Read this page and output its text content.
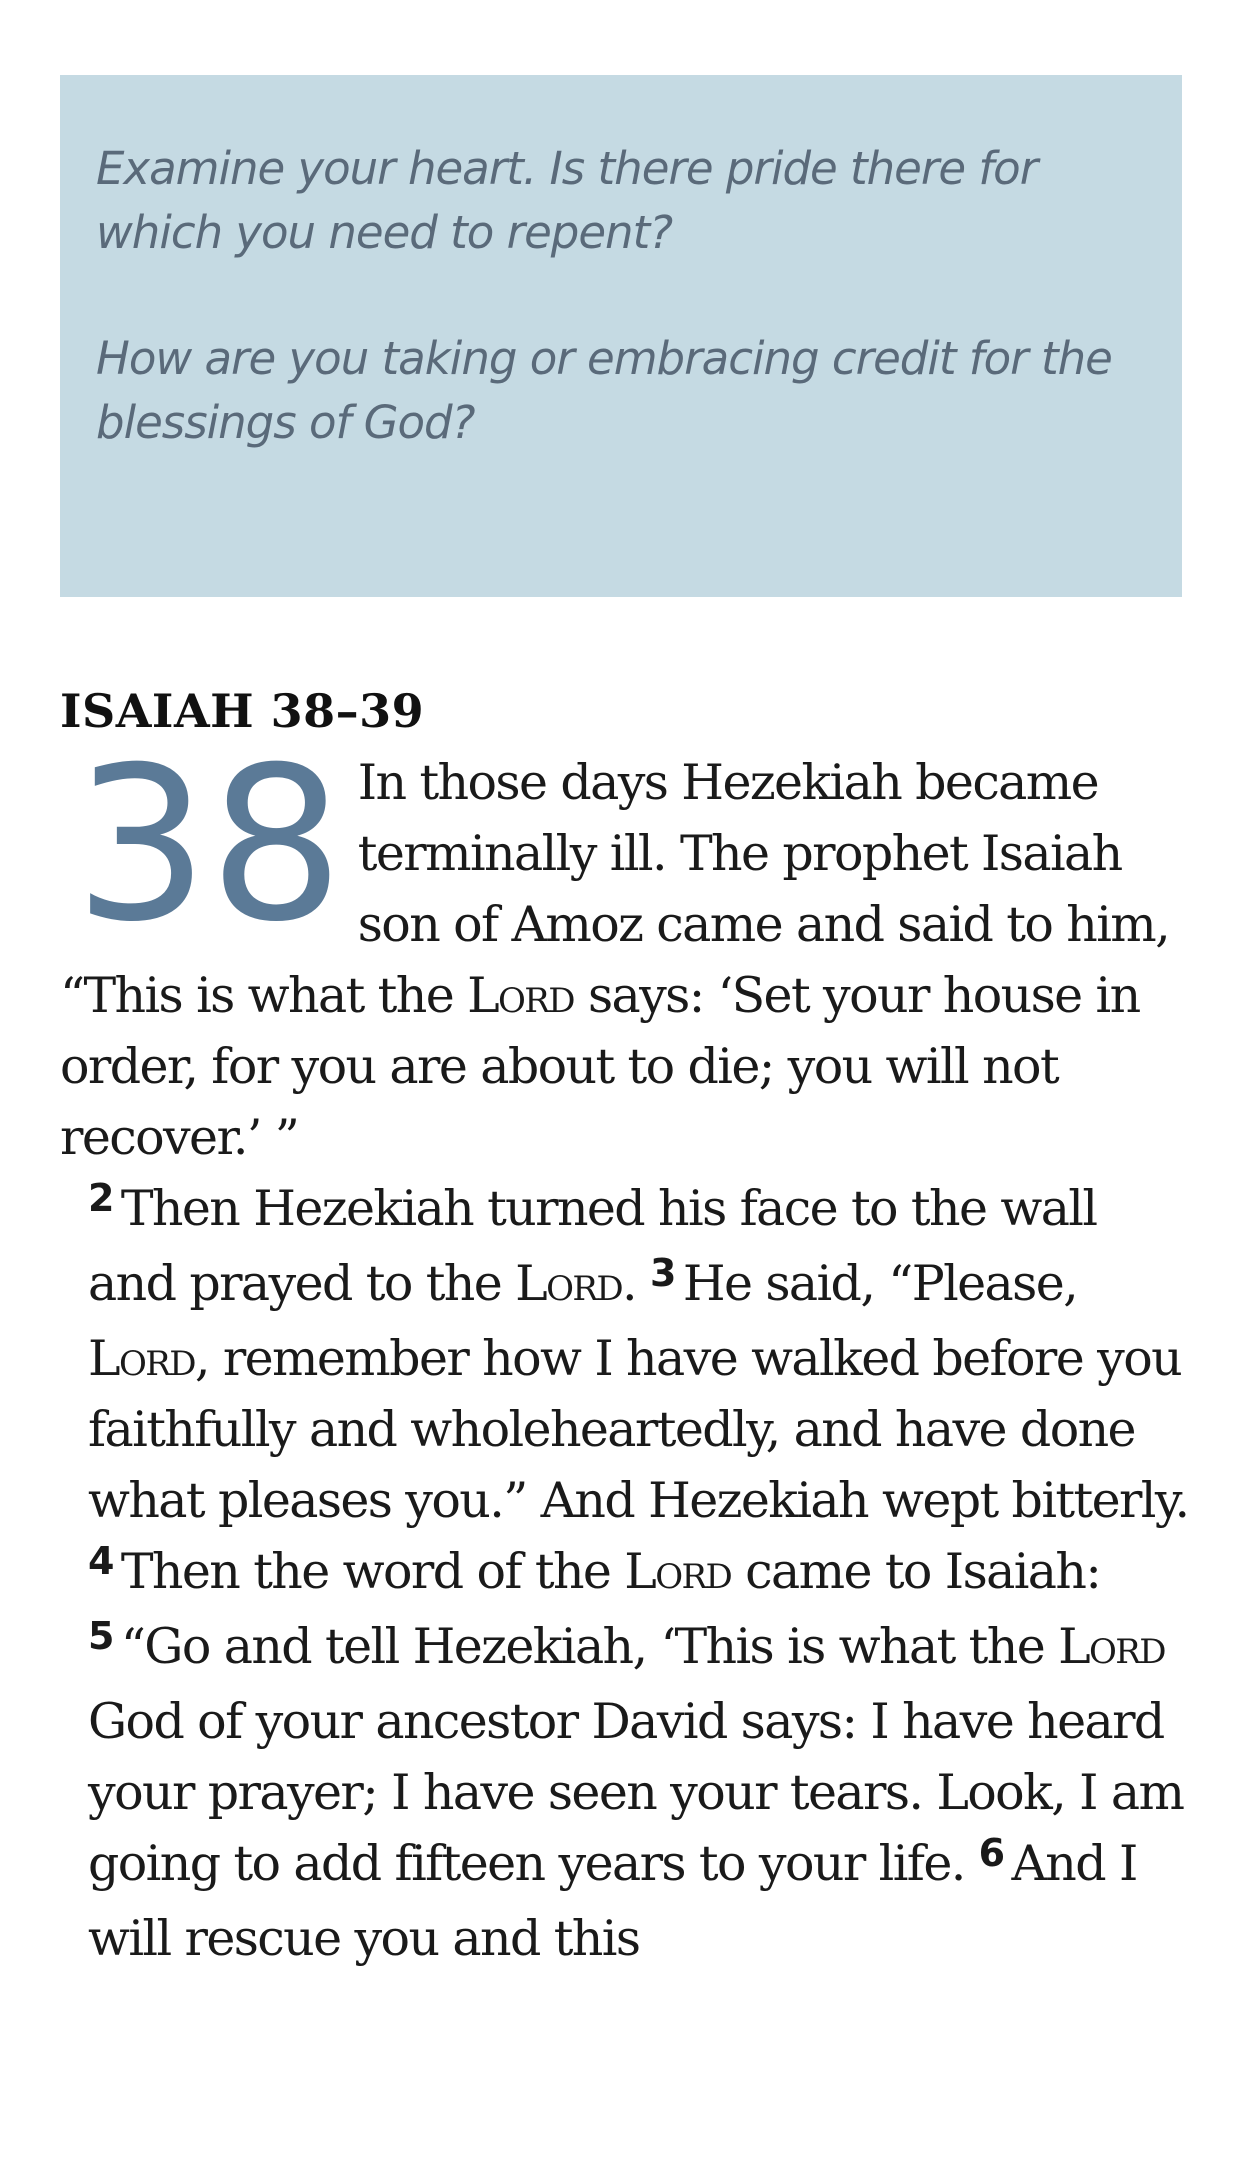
Examine your heart. Is there pride there for which you need to repent?

How are you taking or embracing credit for the blessings of God?

ISAIAH 38–39

38 In those days Hezekiah became terminally ill. The prophet Isaiah son of Amoz came and said to him, “This is what the Lord says: ‘Set your house in order, for you are about to die; you will not recover.’ ”

$^2$ Then Hezekiah turned his face to the wall and prayed to the Lord. $^3$ He said, “Please, Lord, remember how I have walked before you faithfully and wholeheartedly, and have done what pleases you.” And Hezekiah wept bitterly.

$^4$ Then the word of the Lord came to Isaiah: $^5$ “Go and tell Hezekiah, ‘This is what the Lord God of your ancestor David says: I have heard your prayer; I have seen your tears. Look, I am going to add fifteen years to your life. $^6$ And I will rescue you and this
